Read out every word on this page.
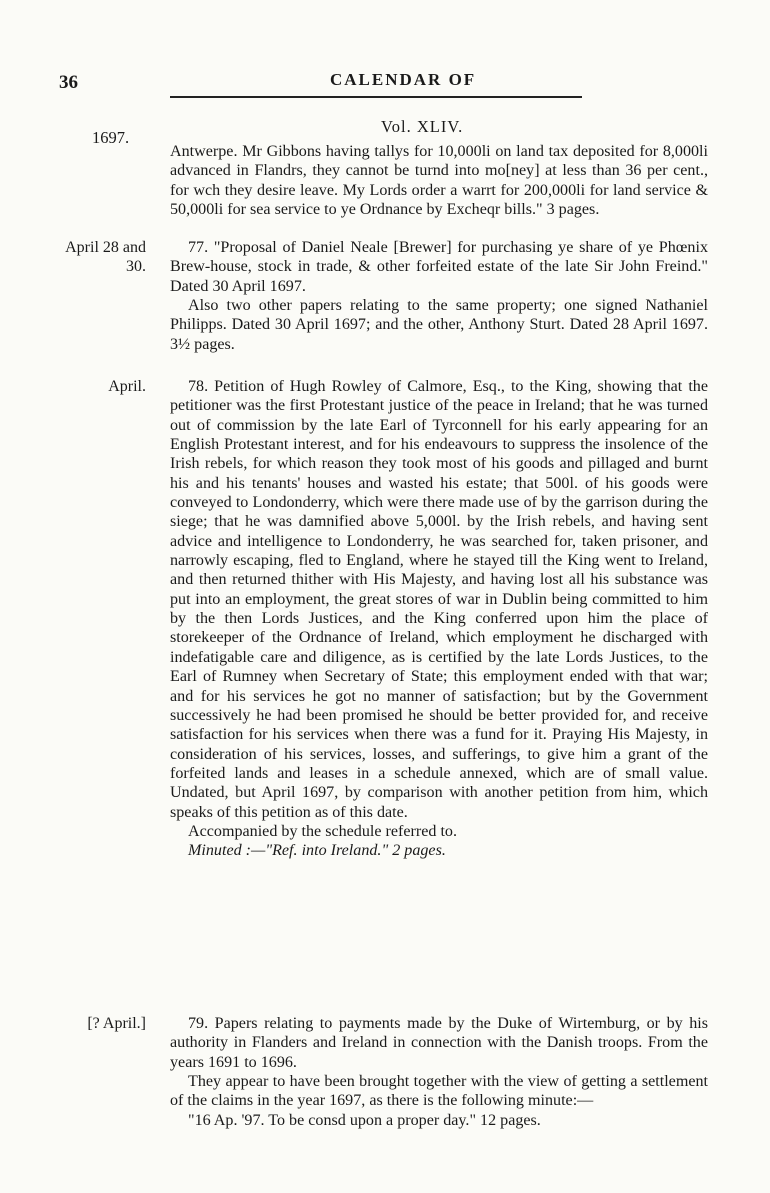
36	CALENDAR OF
1697.
Vol. XLIV.

Antwerpe. Mr Gibbons having tallys for 10,000li on land tax deposited for 8,000li advanced in Flandrs, they cannot be turnd into mo[ney] at less than 36 per cent., for wch they desire leave. My Lords order a warrt for 200,000li for land service & 50,000li for sea service to ye Ordnance by Excheqr bills." 3 pages.

April 28 and 30.

77. "Proposal of Daniel Neale [Brewer] for purchasing ye share of ye Phœnix Brew-house, stock in trade, & other forfeited estate of the late Sir John Freind." Dated 30 April 1697.

Also two other papers relating to the same property; one signed Nathaniel Philipps. Dated 30 April 1697; and the other, Anthony Sturt. Dated 28 April 1697. 3½ pages.

April.	78. Petition of Hugh Rowley of Calmore, Esq., to the King, showing that the petitioner was the first Protestant justice of the peace in Ireland; that he was turned out of commission by the late Earl of Tyrconnell for his early appearing for an English Protestant interest, and for his endeavours to suppress the insolence of the Irish rebels, for which reason they took most of his goods and pillaged and burnt his and his tenants' houses and wasted his estate; that 500l. of his goods were conveyed to Londonderry, which were there made use of by the garrison during the siege; that he was damnified above 5,000l. by the Irish rebels, and having sent advice and intelligence to Londonderry, he was searched for, taken prisoner, and narrowly escaping, fled to England, where he stayed till the King went to Ireland, and then returned thither with His Majesty, and having lost all his substance was put into an employment, the great stores of war in Dublin being committed to him by the then Lords Justices, and the King conferred upon him the place of storekeeper of the Ordnance of Ireland, which employment he discharged with indefatigable care and diligence, as is certified by the late Lords Justices, to the Earl of Rumney when Secretary of State; this employment ended with that war; and for his services he got no manner of satisfaction; but by the Government successively he had been promised he should be better provided for, and receive satisfaction for his services when there was a fund for it. Praying His Majesty, in consideration of his services, losses, and sufferings, to give him a grant of the forfeited lands and leases in a schedule annexed, which are of small value. Undated, but April 1697, by comparison with another petition from him, which speaks of this petition as of this date.

Accompanied by the schedule referred to.

Minuted :—"Ref. into Ireland." 2 pages.

[? April.]	79. Papers relating to payments made by the Duke of Wirtemburg, or by his authority in Flanders and Ireland in connection with the Danish troops. From the years 1691 to 1696.

They appear to have been brought together with the view of getting a settlement of the claims in the year 1697, as there is the following minute:—

"16 Ap. '97. To be consd upon a proper day." 12 pages.
